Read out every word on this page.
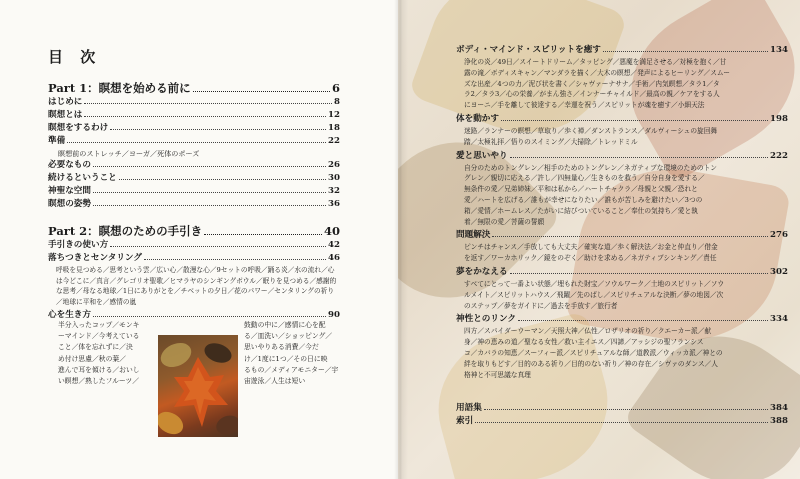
目 次
Part 1：瞑想を始める前に	6
はじめに	8
瞑想とは	12
瞑想をするわけ	18
準備	22
瞑想前のストレッチ／ヨーガ／死体のポーズ
必要なもの	26
続けるということ	30
神聖な空間	32
瞑想の姿勢	36
Part 2：瞑想のための手引き	40
手引きの使い方	42
落ちつきとセンタリング	46
呼吸を見つめる／思考という雲／広い心／散漫な心／9セットの呼吸／踊る炎／水の流れ／心は今どこに／真言／グレゴリオ聖歌／ヒマラヤのシンギングボウル／眠りを見つめる／感謝的な思考／母なる地球／1日にありがとを／チベットの夕日／花のパワー／センタリングの祈り／地球に平和を／感情の嵐
心を生き方	90
半分入ったコップ／モンキ
ーマインド／今考えている
こと／体を忘れずに／決
め付け思慮／秋の葉／
進んで耳を傾ける／おいし
い瞑想／熟したフルーツ／
鼓動の中に／感情に心を配
る／皿洗い／ショッピング／
思いやりある消費／今だ
け／1度に1つ／その日に映
るもの／メディアモニター／宇
宙遊泳／人生は短い
ボディ・マインド・スピリットを癒す	134
浄化の炎／49日／スイートドリーム／タッピング／悪魔を満足させる／対極を抱く／甘
露の滝／ボディスキャン／マンダラを描く／大木の瞑想／発声によるヒーリング／スムー
ズな出産／4つの力／泥び状を書く／シャヴァーナサナ／手術／内気瞑想／タラ1／タ
ラ2／タラ3／心の栄養／がまん強さ／インナーチャイルド／最高の親／ケアをする人
にヨーニ／手を離して彼達する／幸運を祝う／スピリットが魂を癒す／小細天法
体を動かす	198
迷路／ランナーの瞑想／草取り／歩く禅／ダンストランス／ダルヴィーシュの旋回舞
踏／太極礼拝／悟りのスイミング／大掃除／トレッドミル
愛と思いやり	222
自分のためのトングレン／相手のためのトングレン／ネガティブな環境のためのトン
グレン／親切に応える／許し／四無量心／生きものを救う／自分自身を愛する／
無条件の愛／兄弟姉妹／平和は私から／ハートチャクラ／母親と父親／恐れと
愛／ハートを広げる／誰もが幸せになりたい／誰もが苦しみを避けたい／3つの
箱／愛情／ホームレス／たがいに結びついていること／奉仕の気持ち／愛と執
着／無限の愛／菩薩の誓願
問題解決	276
ピンチはチャンス／手放しても大丈夫／確実な道／歩く解決法／お金と仲直り／借金
を返す／ワーカホリック／鏡をのぞく／助けを求める／ネガティブシンキング／責任
夢をかなえる	302
すべてにとって一番よい状態／埋もれた財宝／ソウルワーク／土地のスピリット／ソウ
ルメイト／スピリットハウス／飛躍／先のばし／スピリチュアルな決断／夢の地図／次
のステップ／夢をガイドに／過去を手放す／旅行者
神性とのリンク	334
四方／スパイダーウーマン／天照大神／仏性／ロザリオの祈り／クエーカー派／献
身／神の恵みの道／聖なる女性／救い主イエス／四諦／アッシジの聖フランシス
コ／カバラの知恵／スーフィー派／スピリチュアルな師／道教派／ウィッカ派／神との
絆を取りもどす／目的のある祈り／目的のない祈り／神の存在／シヴァのダンス／人
格神と不可思議な真理
用語集	384
索引	388
